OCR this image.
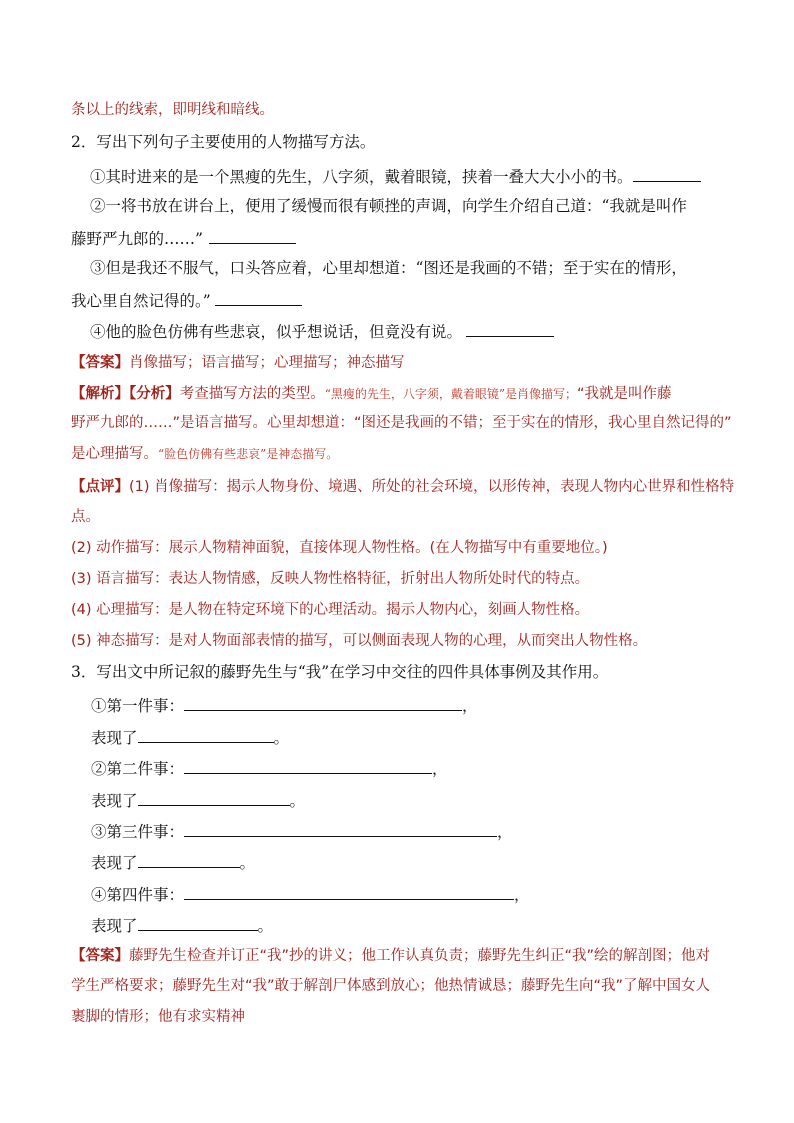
条以上的线索，即明线和暗线。
2．写出下列句子主要使用的人物描写方法。
①其时进来的是一个黑瘦的先生，八字须，戴着眼镜，挟着一叠大大小小的书。
②一将书放在讲台上，便用了缓慢而很有顿挫的声调，向学生介绍自己道：“我就是叫作
藤野严九郎的……”
③但是我还不服气，口头答应着，心里却想道：“图还是我画的不错；至于实在的情形，
我心里自然记得的。”
④他的脸色仿佛有些悲哀，似乎想说话，但竟没有说。
【答案】肖像描写；语言描写；心理描写；神态描写
【解析】【分析】考查描写方法的类型。“黑瘦的先生，八字须，戴着眼镜”是肖像描写；“我就是叫作藤
野严九郎的……”是语言描写。心里却想道：“图还是我画的不错；至于实在的情形，我心里自然记得的”
是心理描写。“脸色仿佛有些悲哀”是神态描写。
【点评】(1) 肖像描写：揭示人物身份、境遇、所处的社会环境，以形传神，表现人物内心世界和性格特
点。
(2) 动作描写：展示人物精神面貌，直接体现人物性格。(在人物描写中有重要地位。)
(3) 语言描写：表达人物情感，反映人物性格特征，折射出人物所处时代的特点。
(4) 心理描写：是人物在特定环境下的心理活动。揭示人物内心，刻画人物性格。
(5) 神态描写：是对人物面部表情的描写，可以侧面表现人物的心理，从而突出人物性格。
3．写出文中所记叙的藤野先生与“我”在学习中交往的四件具体事例及其作用。
①第一件事：	，
表现了	。
②第二件事：	，
表现了	。
③第三件事：	，
表现了	。
④第四件事：	，
表现了	。
【答案】藤野先生检查并订正“我”抄的讲义；他工作认真负责；藤野先生纠正“我”绘的解剖图；他对
学生严格要求；藤野先生对“我”敢于解剖尸体感到放心；他热情诚恳；藤野先生向“我”了解中国女人
裹脚的情形；他有求实精神
